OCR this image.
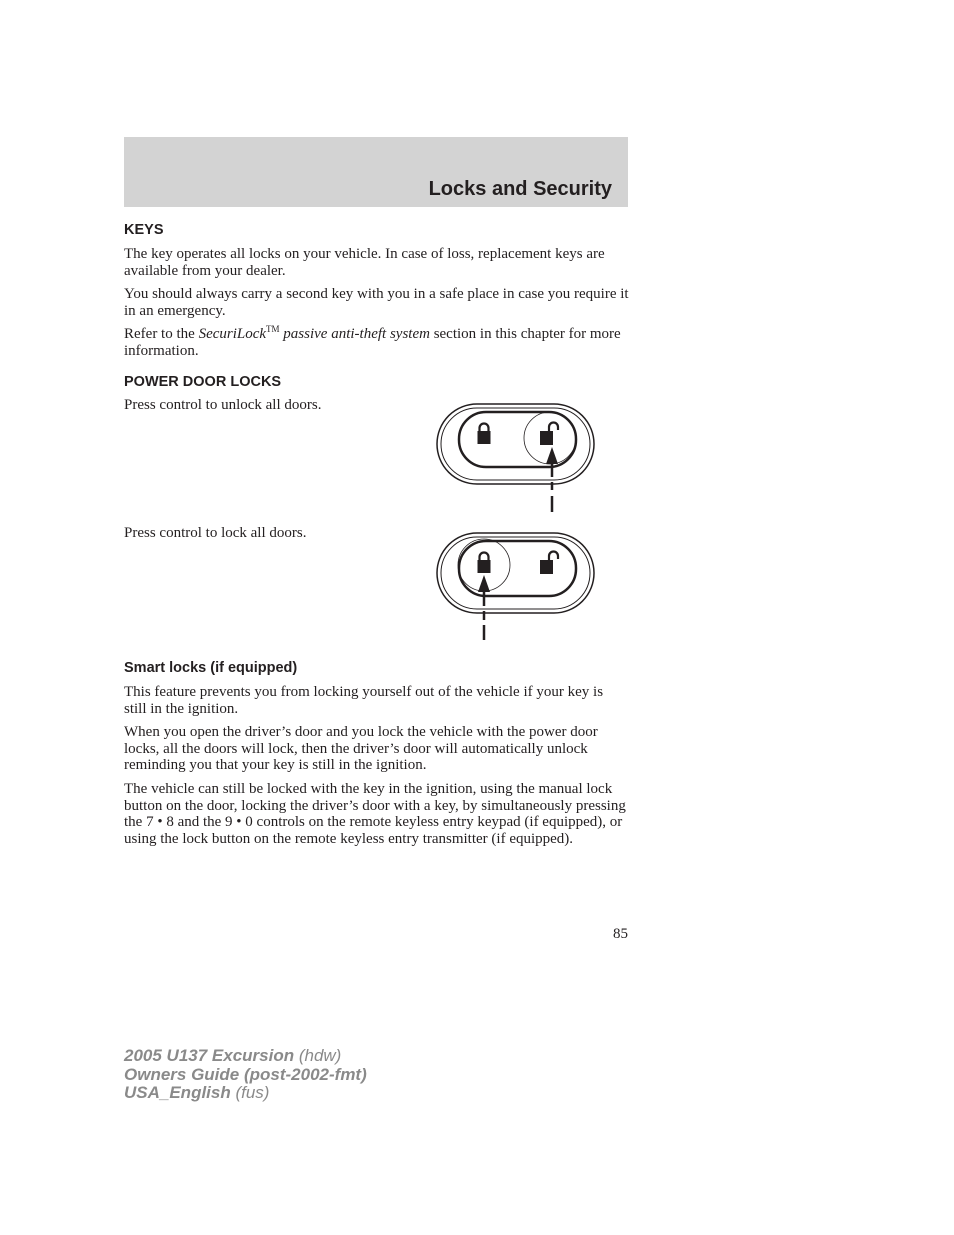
Locks and Security
KEYS

The key operates all locks on your vehicle. In case of loss, replacement keys are available from your dealer.

You should always carry a second key with you in a safe place in case you require it in an emergency.

Refer to the SecuriLock™ passive anti-theft system section in this chapter for more information.

POWER DOOR LOCKS

Press control to unlock all doors.

Press control to lock all doors.

Smart locks (if equipped)

This feature prevents you from locking yourself out of the vehicle if your key is still in the ignition.

When you open the driver’s door and you lock the vehicle with the power door locks, all the doors will lock, then the driver’s door will automatically unlock reminding you that your key is still in the ignition.

The vehicle can still be locked with the key in the ignition, using the manual lock button on the door, locking the driver’s door with a key, by simultaneously pressing the 7 • 8 and the 9 • 0 controls on the remote keyless entry keypad (if equipped), or using the lock button on the remote keyless entry transmitter (if equipped).

85

2005 U137 Excursion (hdw)
Owners Guide (post-2002-fmt)
USA_English (fus)
